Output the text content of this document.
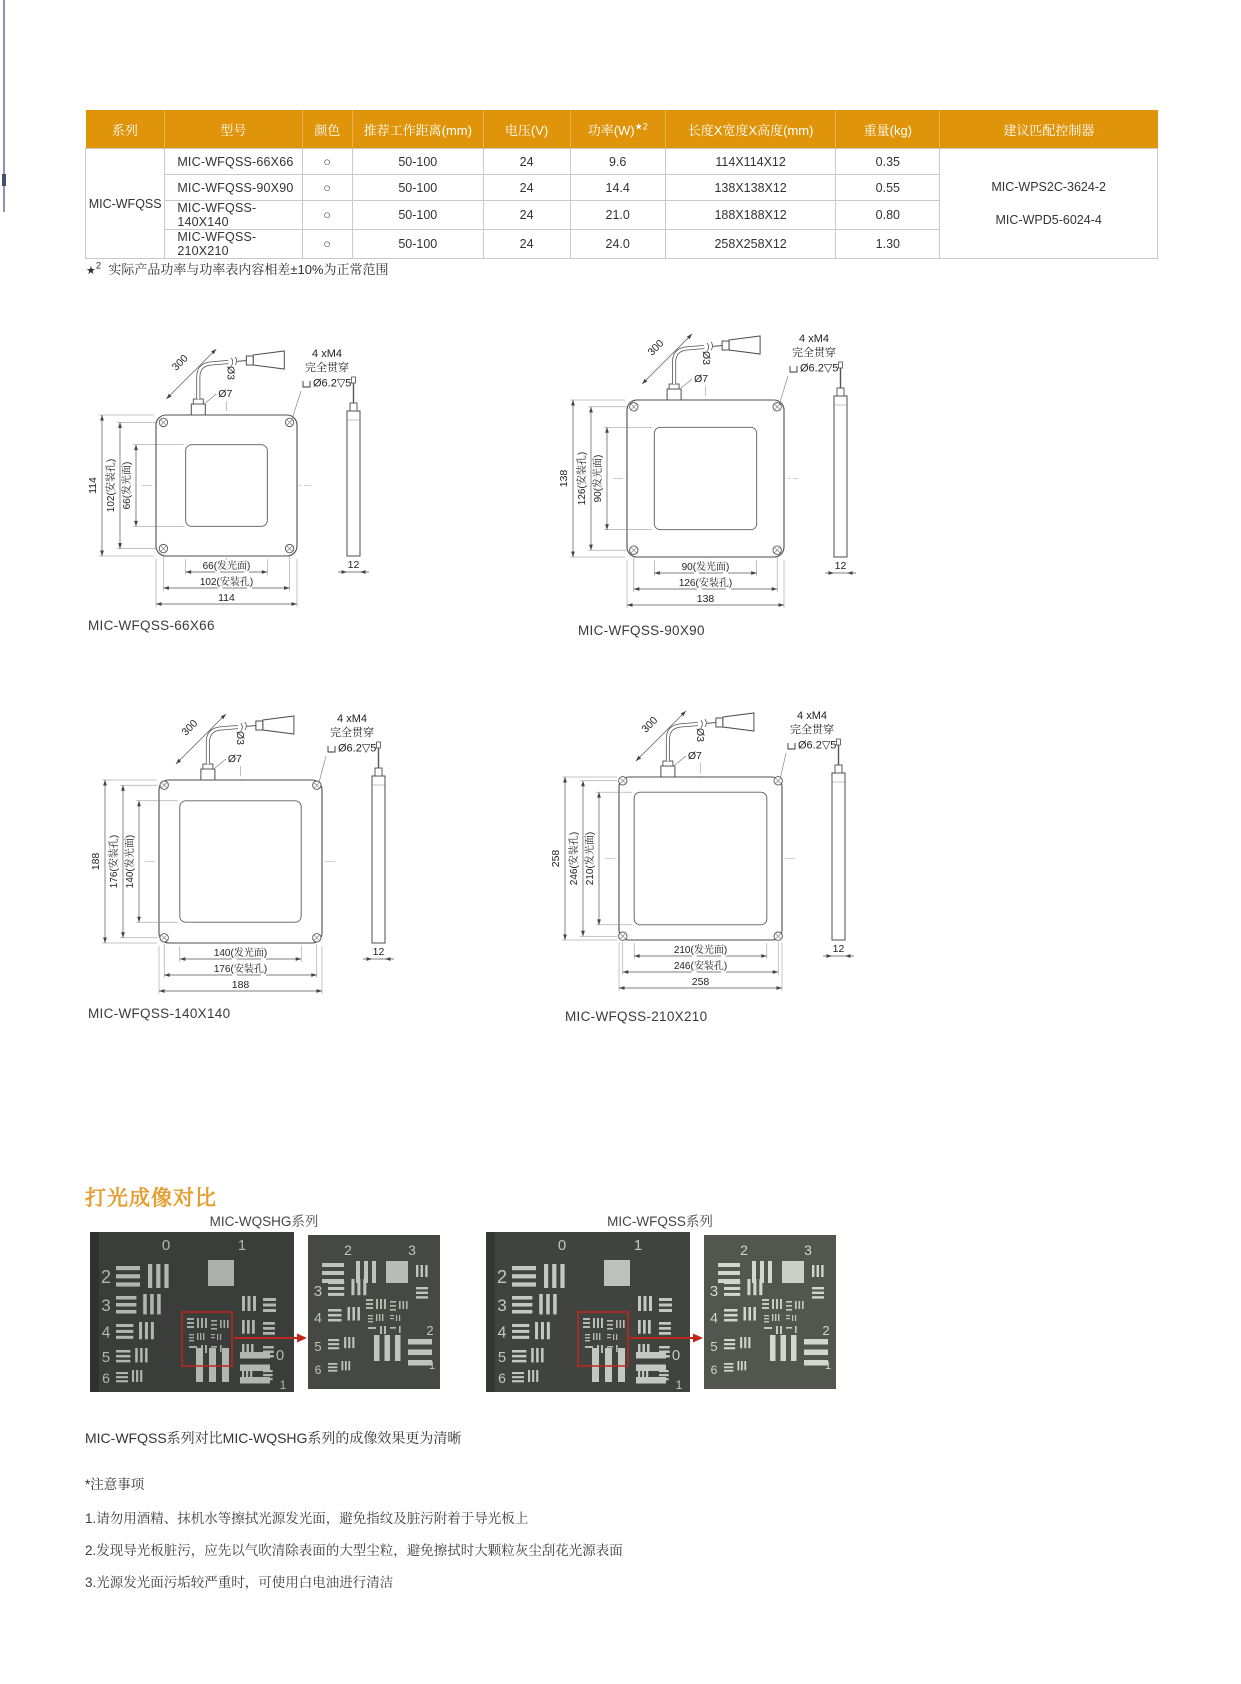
系列	型号	颜色	推荐工作距离(mm)	电压(V)	功率$(W)^{★2}$	长度X宽度X高度(mm)	重量(kg)	建议匹配控制器
MIC-WFQSS	MIC-WFQSS-66X66	○	50-100	24	9.6	114X114X12	0.35	MIC-WPS2C-3624-2
MIC-WPD5-6024-4

	MIC-WFQSS-90X90	○	50-100	24	14.4	138X138X12	0.55	
	MIC-WFQSS-140X140	○	50-100	24	21.0	188X188X12	0.80	
	MIC-WFQSS-210X210	○	50-100	24	24.0	258X258X12	1.30	
★$^2$ 实际产品功率与功率表内容相差±10%为正常范围
300	Ø3
Ø7
66(发光面)
102(安装孔)
114
66(发光面)
102(安装孔)
114
12
4 xM4
完全贯穿
Ø6.2▽5
300	Ø3
Ø7
90(发光面)
126(安装孔)
138
90(发光面)
126(安装孔)
138
12
4 xM4
完全贯穿
Ø6.2▽5
300	Ø3
Ø7
140(发光面)
176(安装孔)
188
140(发光面)
176(安装孔)
188
12
4 xM4
完全贯穿
Ø6.2▽5
300	Ø3
Ø7
210(发光面)
246(安装孔)
258
210(发光面)
246(安装孔)
258
12
4 xM4
完全贯穿
Ø6.2▽5
MIC-WFQSS-66X66	MIC-WFQSS-90X90
MIC-WFQSS-140X140	MIC-WFQSS-210X210
打光成像对比
MIC-WQSHG系列	MIC-WFQSS系列
0	1
2
3
4
5
6
0
1
2	3
3
4
5
6
2
1
0	1
2
3
4
5
6
0
1
2	3
3
4
5
6
2
1
MIC-WFQSS系列对比MIC-WQSHG系列的成像效果更为清晰
*注意事项
1.请勿用酒精、抹机水等擦拭光源发光面，避免指纹及脏污附着于导光板上
2.发现导光板脏污，应先以气吹清除表面的大型尘粒，避免擦拭时大颗粒灰尘刮花光源表面
3.光源发光面污垢较严重时，可使用白电油进行清洁
